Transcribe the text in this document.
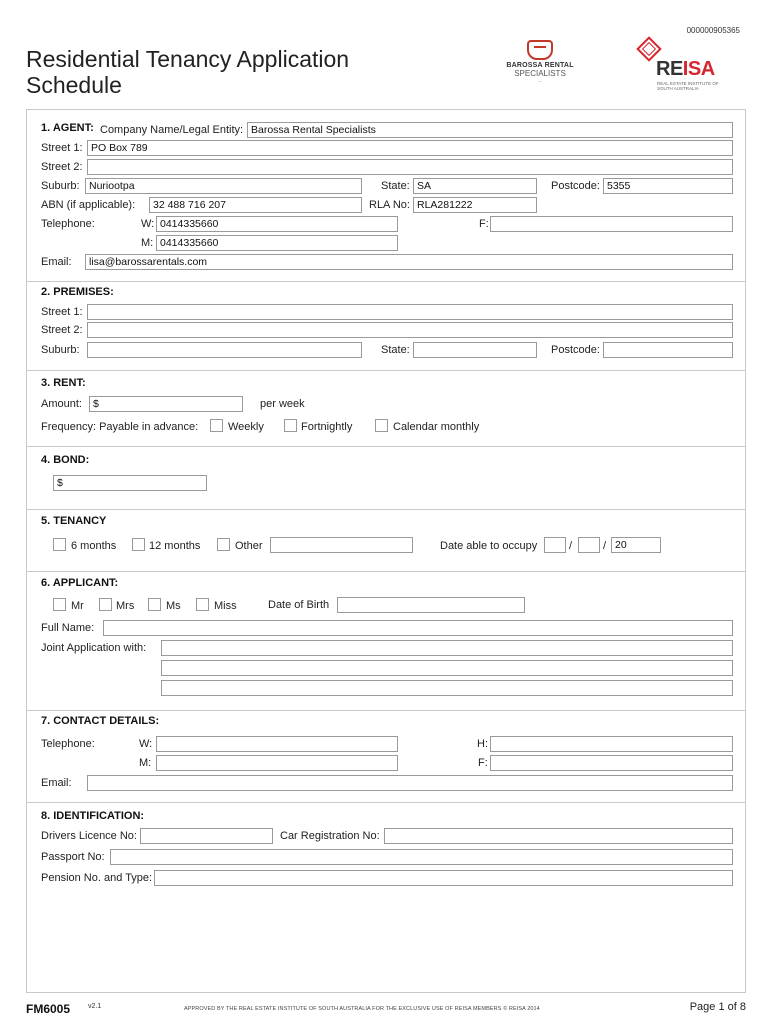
000000905365
Residential Tenancy Application Schedule
BAROSSA RENTAL
SPECIALISTS
...
REISA
REAL ESTATE INSTITUTE OF SOUTH AUSTRALIA
1. AGENT: Company Name/Legal Entity: Barossa Rental Specialists
Street 1: PO Box 789
Street 2:
Suburb: Nuriootpa	State: SA	Postcode: 5355
ABN (if applicable):	32 488 716 207	RLA No: RLA281222
Telephone:	W: 0414335660	F:
M: 0414335660
Email:	lisa@barossarentals.com
2. PREMISES:
Street 1:
Street 2:
Suburb:	State:	Postcode:
3. RENT:
Amount:	$	per week
Frequency: Payable in advance:	Weekly	Fortnightly	Calendar monthly
4. BOND:
$
5. TENANCY
6 months	12 months	Other	Date able to occupy	/	/ 20
6. APPLICANT:
Mr	Mrs	Ms	Miss	Date of Birth
Full Name:
Joint Application with:
7. CONTACT DETAILS:
Telephone:	W:	H:
M:	F:
Email:
8. IDENTIFICATION:
Drivers Licence No:	Car Registration No:
Passport No:
Pension No. and Type:
FM6005	v2.1	APPROVED BY THE REAL ESTATE INSTITUTE OF SOUTH AUSTRALIA FOR THE EXCLUSIVE USE OF REISA MEMBERS © REISA 2014	Page 1 of 8
